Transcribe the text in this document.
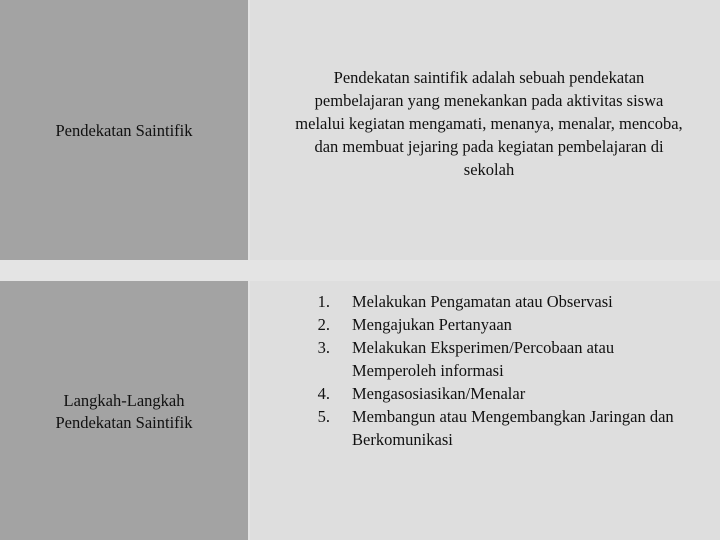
Pendekatan Saintifik
Pendekatan saintifik adalah sebuah pendekatan pembelajaran yang menekankan pada aktivitas siswa melalui kegiatan mengamati, menanya, menalar, mencoba, dan membuat jejaring pada kegiatan pembelajaran di sekolah
Langkah-Langkah
Pendekatan Saintifik
1. Melakukan Pengamatan atau Observasi
2. Mengajukan Pertanyaan
3. Melakukan Eksperimen/Percobaan atau Memperoleh informasi
4. Mengasosiasikan/Menalar
5. Membangun atau Mengembangkan Jaringan dan Berkomunikasi
